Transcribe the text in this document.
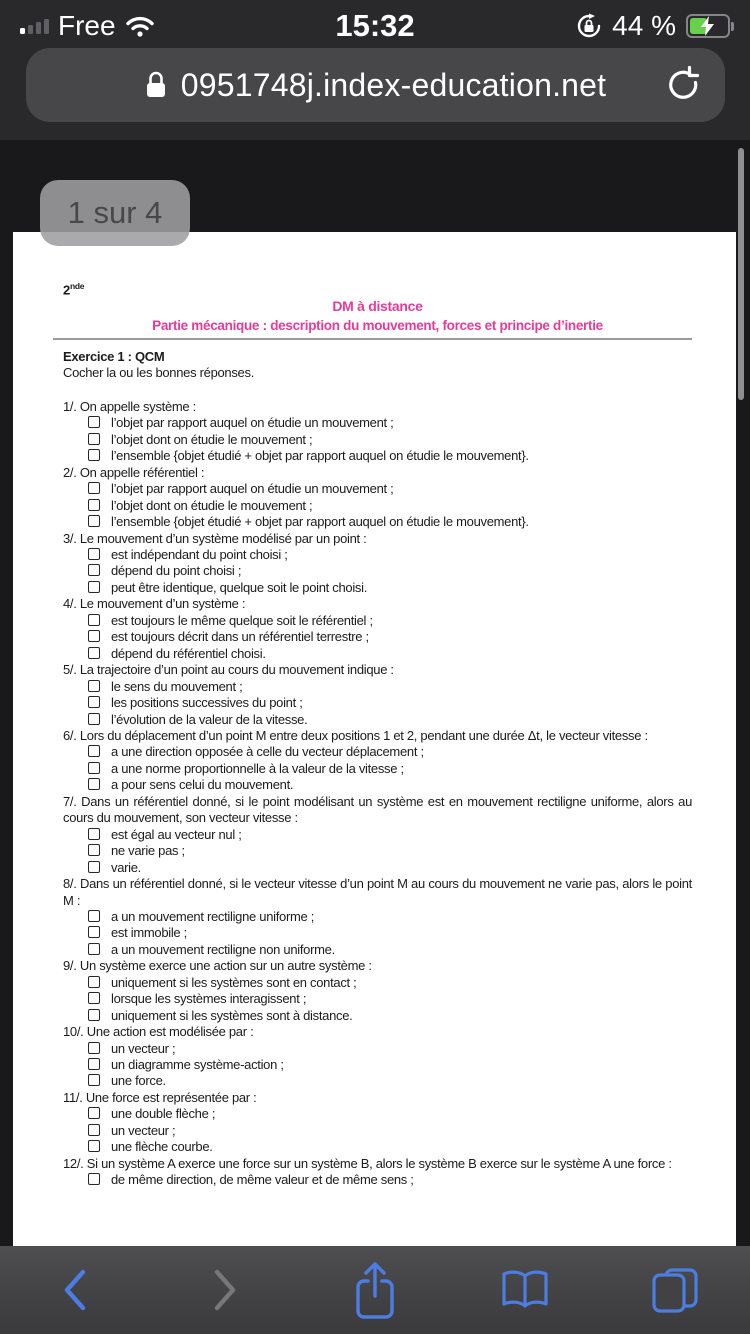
Free	15:32	44 %
0951748j.index-education.net
2nde
DM à distance
Partie mécanique : description du mouvement, forces et principe d’inertie
Exercice 1 : QCM
Cocher la ou les bonnes réponses.
1/. On appelle système :
l’objet par rapport auquel on étudie un mouvement ;
l’objet dont on étudie le mouvement ;
l’ensemble {objet étudié + objet par rapport auquel on étudie le mouvement}.
2/. On appelle référentiel :
l’objet par rapport auquel on étudie un mouvement ;
l’objet dont on étudie le mouvement ;
l’ensemble {objet étudié + objet par rapport auquel on étudie le mouvement}.
3/. Le mouvement d’un système modélisé par un point :
est indépendant du point choisi ;
dépend du point choisi ;
peut être identique, quelque soit le point choisi.
4/. Le mouvement d’un système :
est toujours le même quelque soit le référentiel ;
est toujours décrit dans un référentiel terrestre ;
dépend du référentiel choisi.
5/. La trajectoire d’un point au cours du mouvement indique :
le sens du mouvement ;
les positions successives du point ;
l’évolution de la valeur de la vitesse.
6/. Lors du déplacement d’un point M entre deux positions 1 et 2, pendant une durée Δt, le vecteur vitesse :
a une direction opposée à celle du vecteur déplacement ;
a une norme proportionnelle à la valeur de la vitesse ;
a pour sens celui du mouvement.
7/. Dans un référentiel donné, si le point modélisant un système est en mouvement rectiligne uniforme, alors au cours du mouvement, son vecteur vitesse :
est égal au vecteur nul ;
ne varie pas ;
varie.
8/. Dans un référentiel donné, si le vecteur vitesse d’un point M au cours du mouvement ne varie pas, alors le point M :
a un mouvement rectiligne uniforme ;
est immobile ;
a un mouvement rectiligne non uniforme.
9/. Un système exerce une action sur un autre système :
uniquement si les systèmes sont en contact ;
lorsque les systèmes interagissent ;
uniquement si les systèmes sont à distance.
10/. Une action est modélisée par :
un vecteur ;
un diagramme système-action ;
une force.
11/. Une force est représentée par :
une double flèche ;
un vecteur ;
une flèche courbe.
12/. Si un système A exerce une force sur un système B, alors le système B exerce sur le système A une force :
de même direction, de même valeur et de même sens ;
1 sur 4
